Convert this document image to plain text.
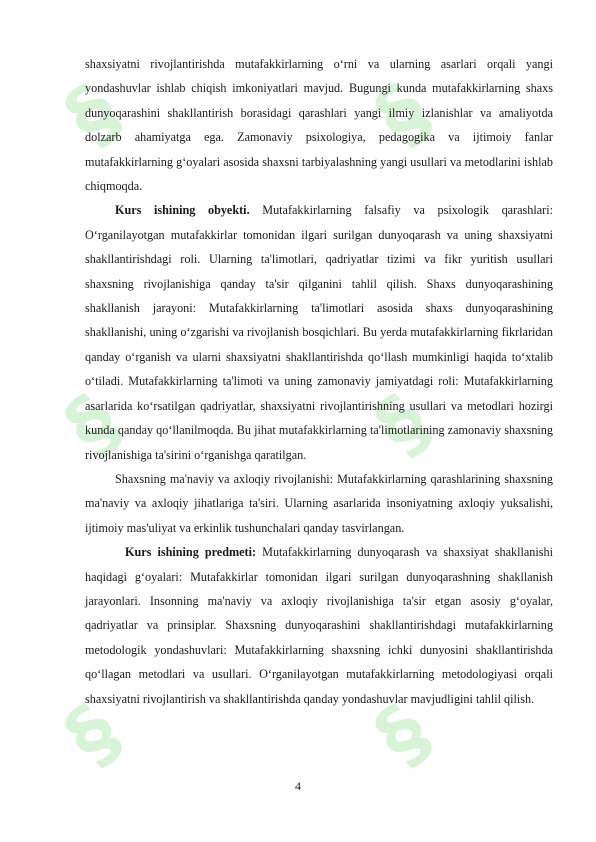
§	§
§	§
§	§

shaxsiyatni rivojlantirishda mutafakkirlarning o‘rni va ularning asarlari orqali yangi yondashuvlar ishlab chiqish imkoniyatlari mavjud. Bugungi kunda mutafakkirlarning shaxs dunyoqarashini shakllantirish borasidagi qarashlari yangi ilmiy izlanishlar va amaliyotda dolzarb ahamiyatga ega. Zamonaviy psixologiya, pedagogika va ijtimoiy fanlar mutafakkirlarning g‘oyalari asosida shaxsni tarbiyalashning yangi usullari va metodlarini ishlab chiqmoqda.

Kurs ishining obyekti. Mutafakkirlarning falsafiy va psixologik qarashlari: O‘rganilayotgan mutafakkirlar tomonidan ilgari surilgan dunyoqarash va uning shaxsiyatni shakllantirishdagi roli. Ularning ta'limotlari, qadriyatlar tizimi va fikr yuritish usullari shaxsning rivojlanishiga qanday ta'sir qilganini tahlil qilish. Shaxs dunyoqarashining shakllanish jarayoni: Mutafakkirlarning ta'limotlari asosida shaxs dunyoqarashining shakllanishi, uning o‘zgarishi va rivojlanish bosqichlari. Bu yerda mutafakkirlarning fikrlaridan qanday o‘rganish va ularni shaxsiyatni shakllantirishda qo‘llash mumkinligi haqida to‘xtalib o‘tiladi. Mutafakkirlarning ta'limoti va uning zamonaviy jamiyatdagi roli: Mutafakkirlarning asarlarida ko‘rsatilgan qadriyatlar, shaxsiyatni rivojlantirishning usullari va metodlari hozirgi kunda qanday qo‘llanilmoqda. Bu jihat mutafakkirlarning ta'limotlarining zamonaviy shaxsning rivojlanishiga ta'sirini o‘rganishga qaratilgan.

Shaxsning ma'naviy va axloqiy rivojlanishi: Mutafakkirlarning qarashlarining shaxsning ma'naviy va axloqiy jihatlariga ta'siri. Ularning asarlarida insoniyatning axloqiy yuksalishi, ijtimoiy mas'uliyat va erkinlik tushunchalari qanday tasvirlangan.

Kurs ishining predmeti: Mutafakkirlarning dunyoqarash va shaxsiyat shakllanishi haqidagi g‘oyalari: Mutafakkirlar tomonidan ilgari surilgan dunyoqarashning shakllanish jarayonlari. Insonning ma'naviy va axloqiy rivojlanishiga ta'sir etgan asosiy g‘oyalar, qadriyatlar va prinsiplar. Shaxsning dunyoqarashini shakllantirishdagi mutafakkirlarning metodologik yondashuvlari: Mutafakkirlarning shaxsning ichki dunyosini shakllantirishda qo‘llagan metodlari va usullari. O‘rganilayotgan mutafakkirlarning metodologiyasi orqali shaxsiyatni rivojlantirish va shakllantirishda qanday yondashuvlar mavjudligini tahlil qilish.

4
